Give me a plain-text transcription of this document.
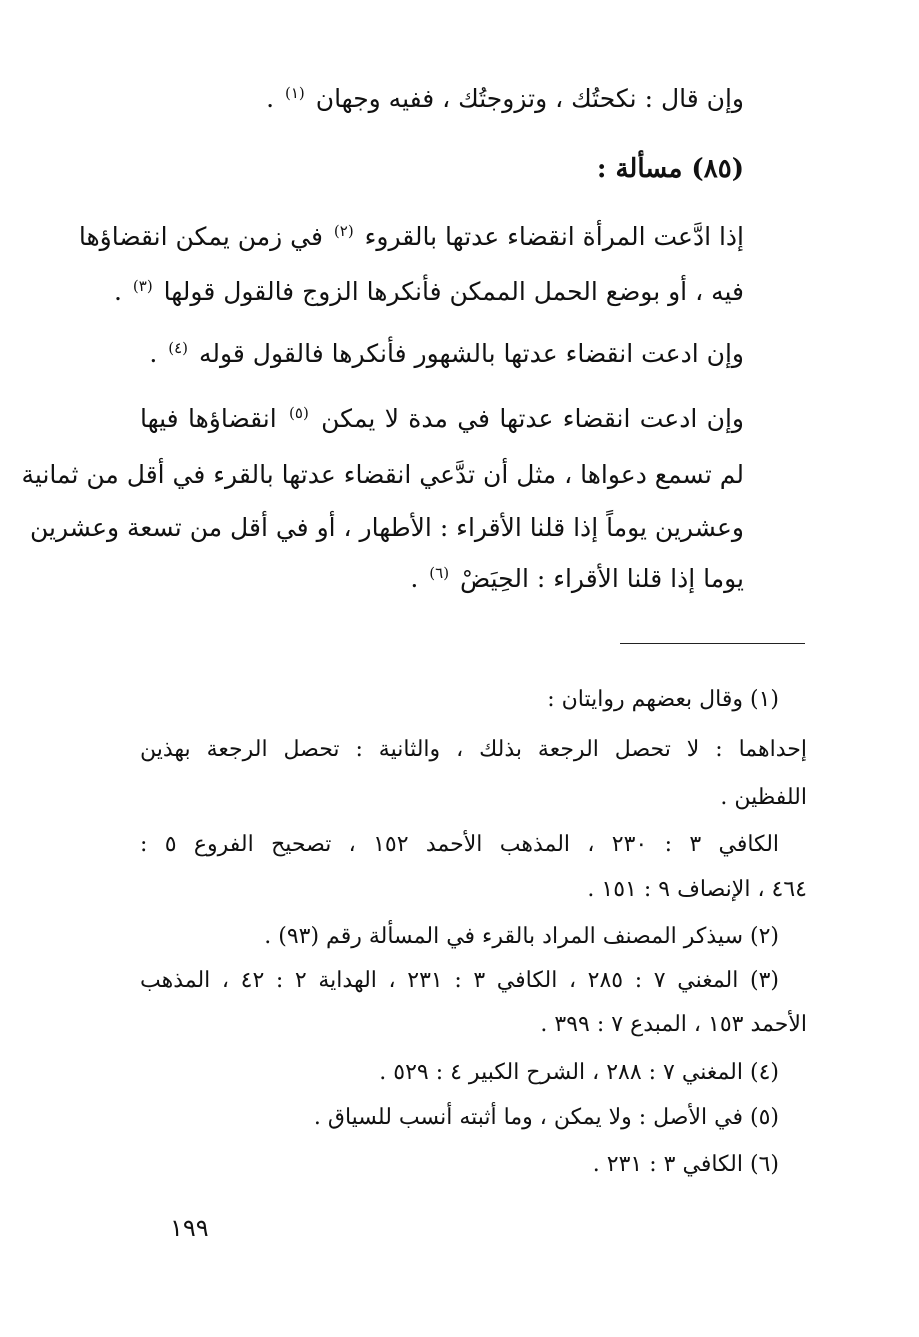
وإن قال : نكحتُك ، وتزوجتُك ، ففيه وجهان $^{(١)}$ .
(٨٥) مسألة :
إذا ادَّعت المرأة انقضاء عدتها بالقروء $^{(٢)}$ في زمن يمكن انقضاؤها
فيه ، أو بوضع الحمل الممكن فأنكرها الزوج فالقول قولها $^{(٣)}$ .
وإن ادعت انقضاء عدتها بالشهور فأنكرها فالقول قوله $^{(٤)}$ .
وإن ادعت انقضاء عدتها في مدة لا يمكن $^{(٥)}$ انقضاؤها فيها
لم تسمع دعواها ، مثل أن تدَّعي انقضاء عدتها بالقرء في أقل من ثمانية
وعشرين يوماً إذا قلنا الأقراء : الأطهار ، أو في أقل من تسعة وعشرين
يوما إذا قلنا الأقراء : الحِيَضْ $^{(٦)}$ .
(١) وقال بعضهم روايتان :
إحداهما : لا تحصل الرجعة بذلك ، والثانية : تحصل الرجعة بهذين
اللفظين .
الكافي ٣ : ٢٣٠ ، المذهب الأحمد ١٥٢ ، تصحيح الفروع ٥ :
٤٦٤ ، الإنصاف ٩ : ١٥١ .
(٢) سيذكر المصنف المراد بالقرء في المسألة رقم (٩٣) .
(٣) المغني ٧ : ٢٨٥ ، الكافي ٣ : ٢٣١ ، الهداية ٢ : ٤٢ ، المذهب
الأحمد ١٥٣ ، المبدع ٧ : ٣٩٩ .
(٤) المغني ٧ : ٢٨٨ ، الشرح الكبير ٤ : ٥٢٩ .
(٥) في الأصل : ولا يمكن ، وما أثبته أنسب للسياق .
(٦) الكافي ٣ : ٢٣١ .
١٩٩
